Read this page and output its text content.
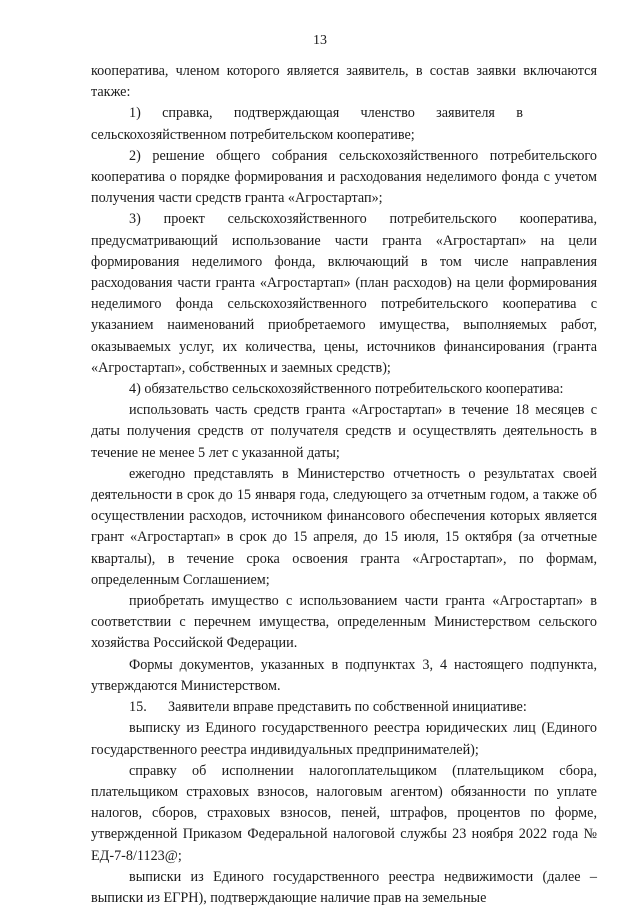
13

кооператива, членом которого является заявитель, в состав заявки включаются также:

1)  справка,  подтверждающая  членство  заявителя  в сельскохозяйственном потребительском кооперативе;

2) решение общего собрания сельскохозяйственного потребительского кооператива о порядке формирования и расходования неделимого фонда с учетом получения части средств гранта «Агростартап»;

3) проект сельскохозяйственного потребительского кооператива, предусматривающий использование части гранта «Агростартап» на цели формирования неделимого фонда, включающий в том числе направления расходования части гранта «Агростартап» (план расходов) на цели формирования неделимого фонда сельскохозяйственного потребительского кооператива с указанием наименований приобретаемого имущества, выполняемых работ, оказываемых услуг, их количества, цены, источников финансирования (гранта «Агростартап», собственных и заемных средств);

4) обязательство сельскохозяйственного потребительского кооператива:

использовать часть средств гранта «Агростартап» в течение 18 месяцев с даты получения средств от получателя средств и осуществлять деятельность в течение не менее 5 лет с указанной даты;

ежегодно представлять в Министерство отчетность о результатах своей деятельности в срок до 15 января года, следующего за отчетным годом, а также об осуществлении расходов, источником финансового обеспечения которых является грант «Агростартап» в срок до 15 апреля, до 15 июля, 15 октября (за отчетные кварталы), в течение срока освоения гранта «Агростартап», по формам, определенным Соглашением;

приобретать имущество с использованием части гранта «Агростартап» в соответствии с перечнем имущества, определенным Министерством сельского хозяйства Российской Федерации.

Формы документов, указанных в подпунктах 3, 4 настоящего подпункта, утверждаются Министерством.

15.  Заявители вправе представить по собственной инициативе:

выписку из Единого государственного реестра юридических лиц (Единого государственного реестра индивидуальных предпринимателей);

справку об исполнении налогоплательщиком (плательщиком сбора, плательщиком страховых взносов, налоговым агентом) обязанности по уплате налогов, сборов, страховых взносов, пеней, штрафов, процентов по форме, утвержденной Приказом Федеральной налоговой службы 23 ноября 2022 года № ЕД-7-8/1123@;

выписки из Единого государственного реестра недвижимости (далее – выписки из ЕГРН), подтверждающие наличие прав на земельные
